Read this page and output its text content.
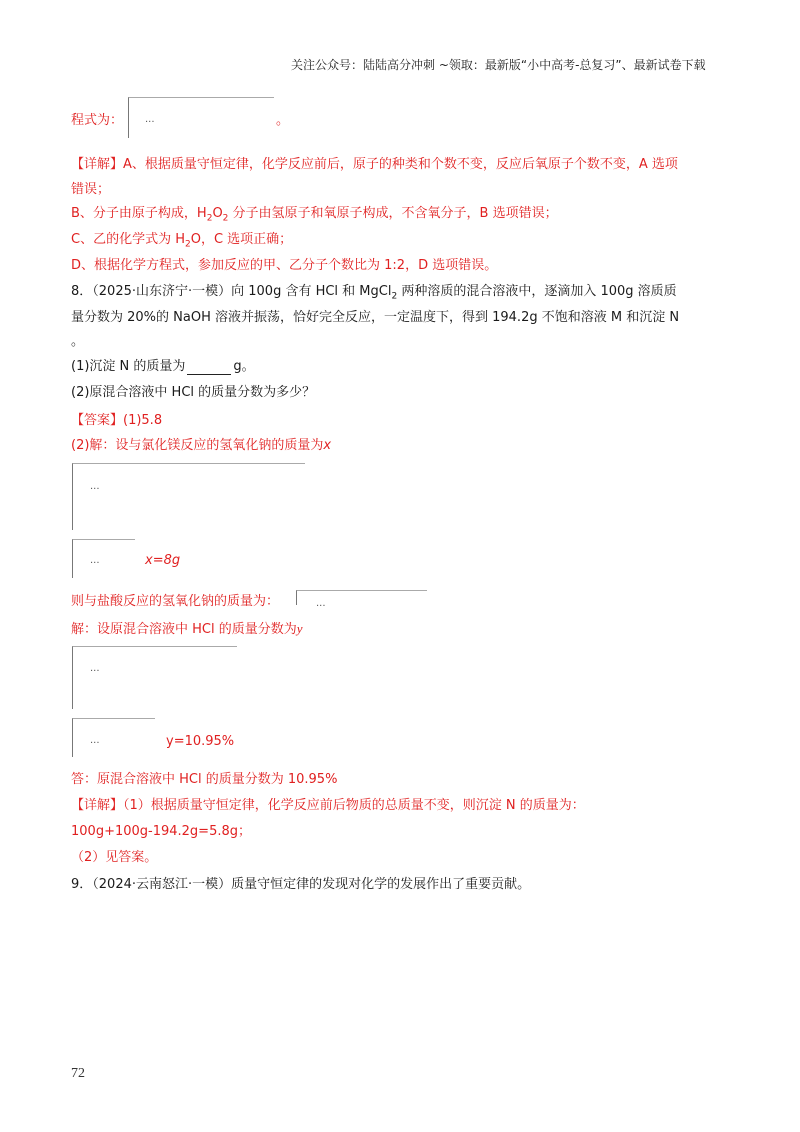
关注公众号：陆陆高分冲刺 ~领取：最新版“小中高考-总复习”、最新试卷下载
程式为： ...	。
【详解】A、根据质量守恒定律，化学反应前后，原子的种类和个数不变，反应后氧原子个数不变，A 选项
错误；
B、分子由原子构成，$H_2O_2$ 分子由氢原子和氧原子构成，不含氧分子，B 选项错误；
C、乙的化学式为 $H_2O$，C 选项正确；
D、根据化学方程式，参加反应的甲、乙分子个数比为 1:2，D 选项错误。
8．（2025·山东济宁·一模）向 100g 含有 HCl 和 MgCl$_2$ 两种溶质的混合溶液中，逐滴加入 100g 溶质质
量分数为 20%的 NaOH 溶液并振荡，恰好完全反应，一定温度下，得到 194.2g 不饱和溶液 M 和沉淀 N
。
(1)沉淀 N 的质量为	g。
(2)原混合溶液中 HCl 的质量分数为多少？
【答案】(1)5.8
(2)解：设与氯化镁反应的氢氧化钠的质量为x
...
...	x=8g
则与盐酸反应的氢氧化钠的质量为：	...
解：设原混合溶液中 HCl 的质量分数为y
...
...	y=10.95%
答：原混合溶液中 HCl 的质量分数为 10.95%
【详解】（1）根据质量守恒定律，化学反应前后物质的总质量不变，则沉淀 N 的质量为：
100g+100g-194.2g=5.8g；
（2）见答案。
9．（2024·云南怒江·一模）质量守恒定律的发现对化学的发展作出了重要贡献。
72
